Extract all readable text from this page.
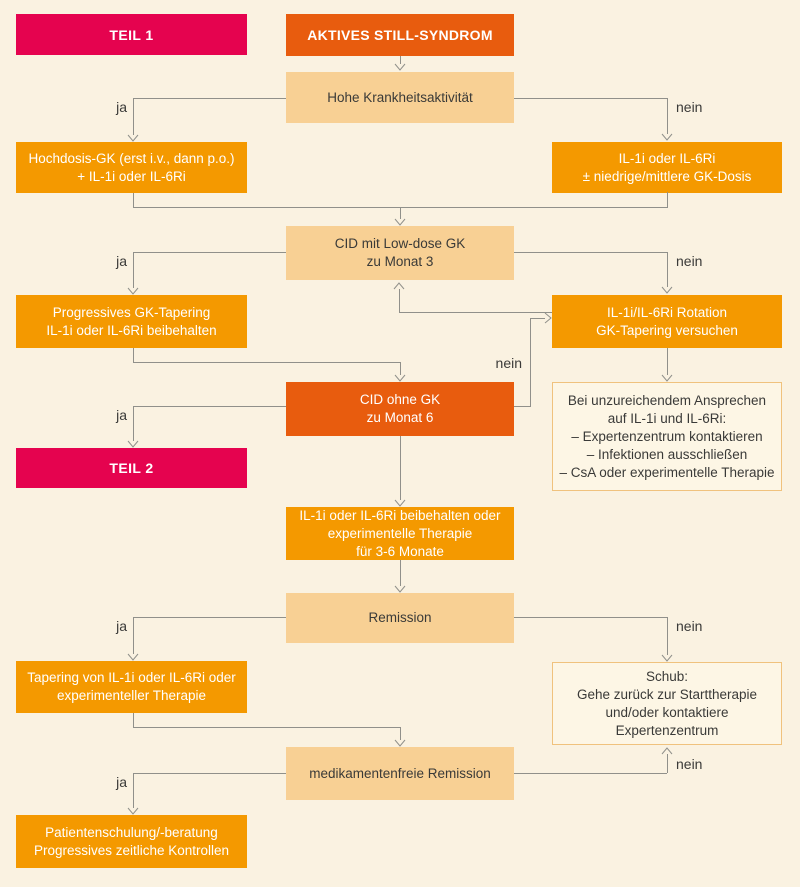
TEIL 1	AKTIVES STILL-SYNDROM
Hohe Krankheitsaktivität
Hochdosis-GK (erst i.v., dann p.o.)
+ IL-1i oder IL-6Ri
IL-1i oder IL-6Ri
± niedrige/mittlere GK-Dosis
CID mit Low-dose GK
zu Monat 3
Progressives GK-Tapering
IL-1i oder IL-6Ri beibehalten
IL-1i/IL-6Ri Rotation
GK-Tapering versuchen
Bei unzureichendem Ansprechen
auf IL-1i und IL-6Ri:
– Expertenzentrum kontaktieren
– Infektionen ausschließen
– CsA oder experimentelle Therapie
CID ohne GK
zu Monat 6
TEIL 2
IL-1i oder IL-6Ri beibehalten oder
experimentelle Therapie
für 3-6 Monate
Remission
Tapering von IL-1i oder IL-6Ri oder
experimenteller Therapie
Schub:
Gehe zurück zur Starttherapie
und/oder kontaktiere
Expertenzentrum
medikamentenfreie Remission
Patientenschulung/-beratung
Progressives zeitliche Kontrollen
ja	nein
ja	nein
ja
nein
ja	nein
ja
nein
